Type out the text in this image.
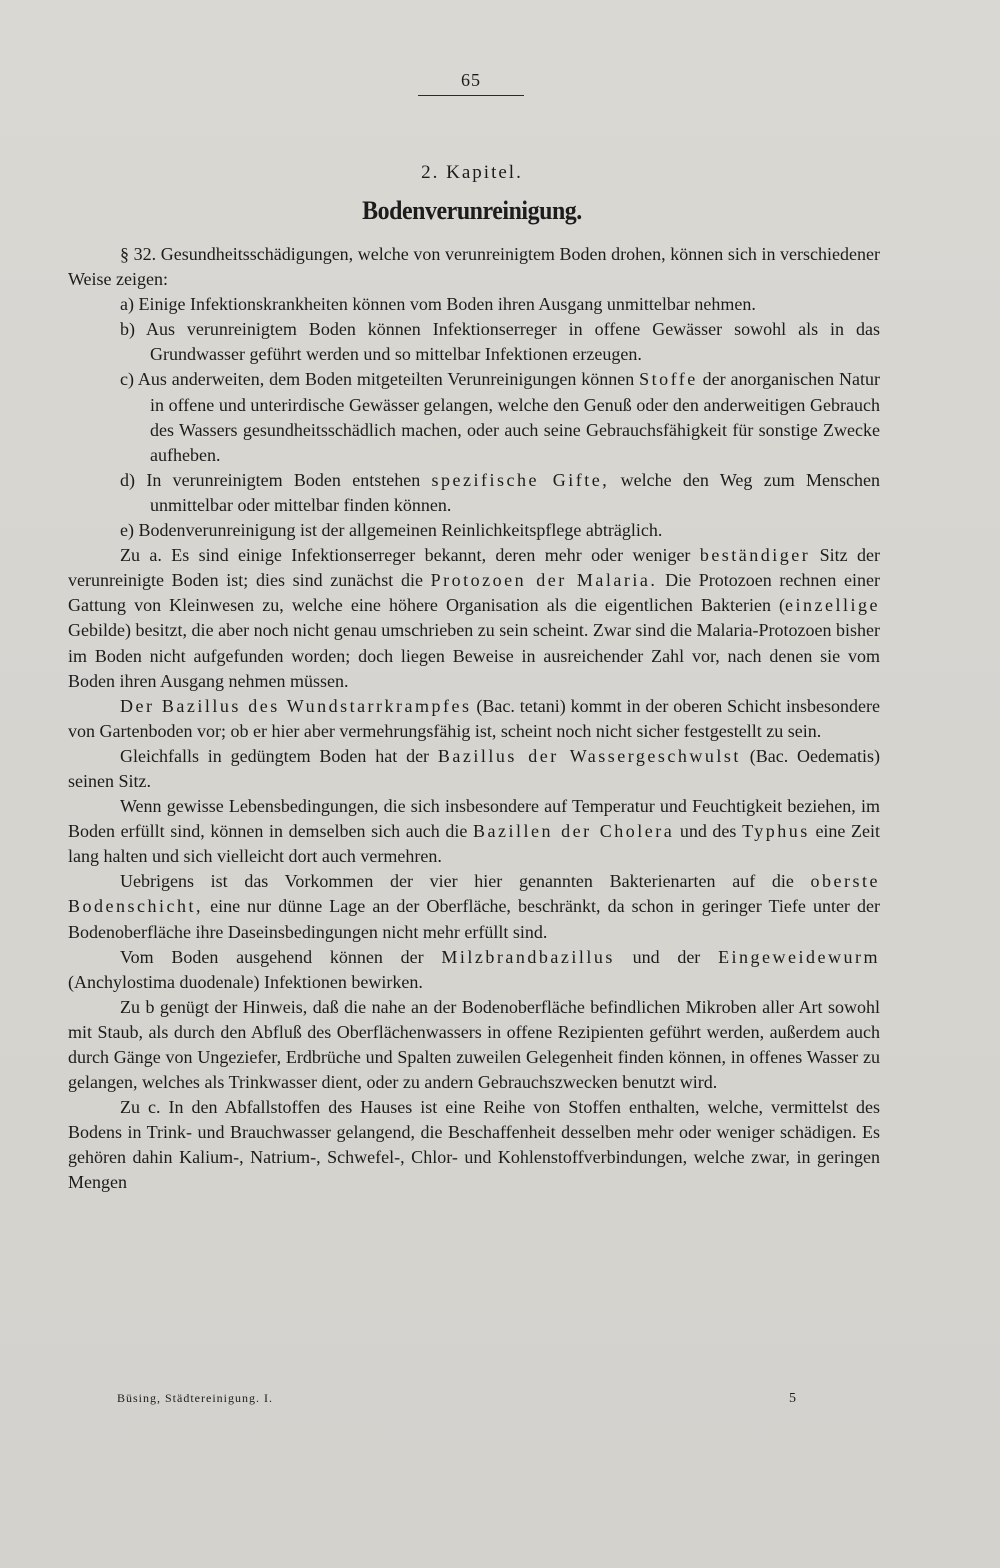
65
2. Kapitel.
Bodenverunreinigung.

§ 32. Gesundheitsschädigungen, welche von verunreinigtem Boden drohen, können sich in verschiedener Weise zeigen:

a) Einige Infektionskrankheiten können vom Boden ihren Ausgang unmittelbar nehmen.

b) Aus verunreinigtem Boden können Infektionserreger in offene Gewässer sowohl als in das Grundwasser geführt werden und so mittelbar Infektionen erzeugen.

c) Aus anderweiten, dem Boden mitgeteilten Verunreinigungen können Stoffe der anorganischen Natur in offene und unterirdische Gewässer gelangen, welche den Genuß oder den anderweitigen Gebrauch des Wassers gesundheitsschädlich machen, oder auch seine Gebrauchsfähigkeit für sonstige Zwecke aufheben.

d) In verunreinigtem Boden entstehen spezifische Gifte, welche den Weg zum Menschen unmittelbar oder mittelbar finden können.

e) Bodenverunreinigung ist der allgemeinen Reinlichkeitspflege abträglich.

Zu a. Es sind einige Infektionserreger bekannt, deren mehr oder weniger beständiger Sitz der verunreinigte Boden ist; dies sind zunächst die Protozoen der Malaria. Die Protozoen rechnen einer Gattung von Kleinwesen zu, welche eine höhere Organisation als die eigentlichen Bakterien (einzellige Gebilde) besitzt, die aber noch nicht genau umschrieben zu sein scheint. Zwar sind die Malaria-Protozoen bisher im Boden nicht aufgefunden worden; doch liegen Beweise in ausreichender Zahl vor, nach denen sie vom Boden ihren Ausgang nehmen müssen.

Der Bazillus des Wundstarrkrampfes (Bac. tetani) kommt in der oberen Schicht insbesondere von Gartenboden vor; ob er hier aber vermehrungsfähig ist, scheint noch nicht sicher festgestellt zu sein.

Gleichfalls in gedüngtem Boden hat der Bazillus der Wassergeschwulst (Bac. Oedematis) seinen Sitz.

Wenn gewisse Lebensbedingungen, die sich insbesondere auf Temperatur und Feuchtigkeit beziehen, im Boden erfüllt sind, können in demselben sich auch die Bazillen der Cholera und des Typhus eine Zeit lang halten und sich vielleicht dort auch vermehren.

Uebrigens ist das Vorkommen der vier hier genannten Bakterienarten auf die oberste Bodenschicht, eine nur dünne Lage an der Oberfläche, beschränkt, da schon in geringer Tiefe unter der Bodenoberfläche ihre Daseinsbedingungen nicht mehr erfüllt sind.

Vom Boden ausgehend können der Milzbrandbazillus und der Eingeweidewurm (Anchylostima duodenale) Infektionen bewirken.

Zu b genügt der Hinweis, daß die nahe an der Bodenoberfläche befindlichen Mikroben aller Art sowohl mit Staub, als durch den Abfluß des Oberflächenwassers in offene Rezipienten geführt werden, außerdem auch durch Gänge von Ungeziefer, Erdbrüche und Spalten zuweilen Gelegenheit finden können, in offenes Wasser zu gelangen, welches als Trinkwasser dient, oder zu andern Gebrauchszwecken benutzt wird.

Zu c. In den Abfallstoffen des Hauses ist eine Reihe von Stoffen enthalten, welche, vermittelst des Bodens in Trink- und Brauchwasser gelangend, die Beschaffenheit desselben mehr oder weniger schädigen. Es gehören dahin Kalium-, Natrium-, Schwefel-, Chlor- und Kohlenstoffverbindungen, welche zwar, in geringen Mengen

Büsing, Städtereinigung. I.	5
